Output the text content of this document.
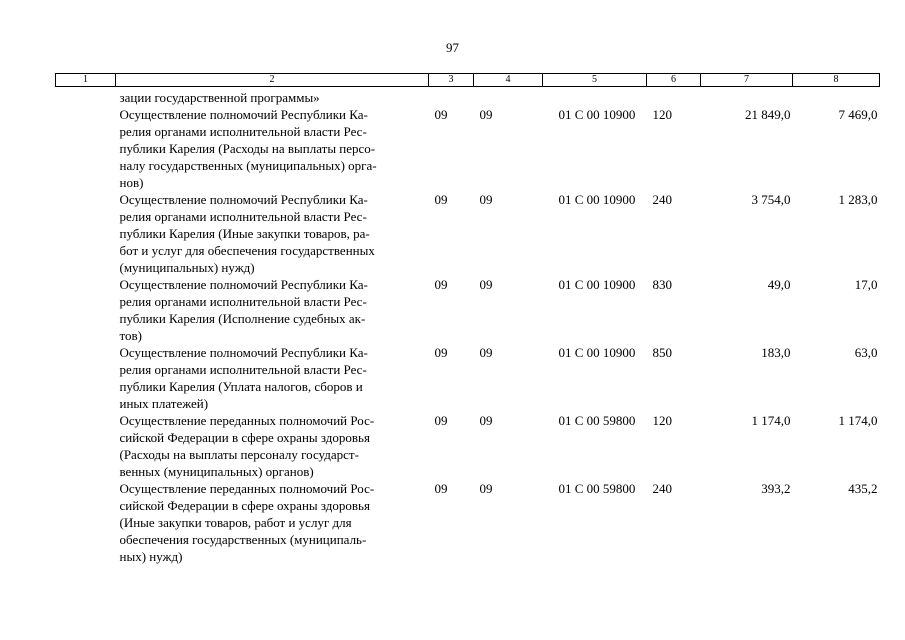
97
1	2	3	4	5	6	7	8
	зации государственной программы»						

	Осуществление полномочий Республики Ка-
релия органами исполнительной власти Рес-
публики Карелия (Расходы на выплаты персо-
налу государственных (муниципальных) орга-
нов)	09	09	01 С 00 10900	120	21 849,0	7 469,0

	Осуществление полномочий Республики Ка-
релия органами исполнительной власти Рес-
публики Карелия (Иные закупки товаров, ра-
бот и услуг для обеспечения государственных
(муниципальных) нужд)	09	09	01 С 00 10900	240	3 754,0	1 283,0

	Осуществление полномочий Республики Ка-
релия органами исполнительной власти Рес-
публики Карелия (Исполнение судебных ак-
тов)	09	09	01 С 00 10900	830	49,0	17,0

	Осуществление полномочий Республики Ка-
релия органами исполнительной власти Рес-
публики Карелия (Уплата налогов, сборов и
иных платежей)	09	09	01 С 00 10900	850	183,0	63,0

	Осуществление переданных полномочий Рос-
сийской Федерации в сфере охраны здоровья
(Расходы на выплаты персоналу государст-
венных (муниципальных) органов)	09	09	01 С 00 59800	120	1 174,0	1 174,0

	Осуществление переданных полномочий Рос-
сийской Федерации в сфере охраны здоровья
(Иные закупки товаров, работ и услуг для
обеспечения государственных (муниципаль-
ных) нужд)	09	09	01 С 00 59800	240	393,2	435,2
